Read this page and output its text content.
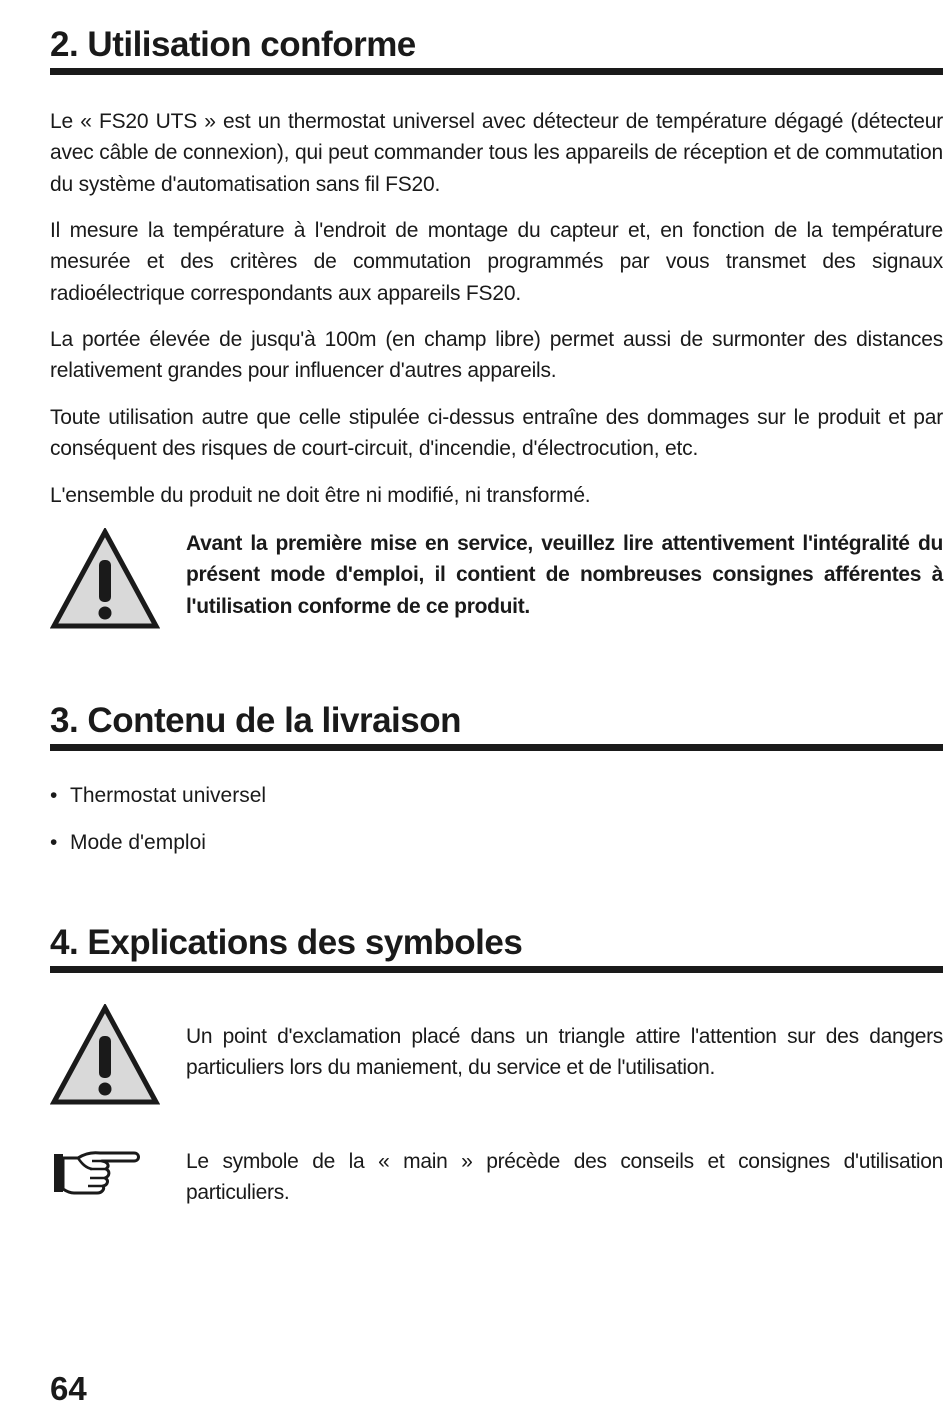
2. Utilisation conforme

Le « FS20 UTS » est un thermostat universel avec détecteur de température dégagé (détecteur avec câble de connexion), qui peut commander tous les appareils de réception et de commutation du système d'automatisation sans fil FS20.

Il mesure la température à l'endroit de montage du capteur et, en fonction de la température mesurée et des critères de commutation programmés par vous transmet des signaux radioélectrique correspondants aux appareils FS20.

La portée élevée de jusqu'à 100m (en champ libre) permet aussi de surmonter des distances relativement grandes pour influencer d'autres appareils.

Toute utilisation autre que celle stipulée ci-dessus entraîne des dommages sur le produit et par conséquent des risques de court-circuit, d'incendie, d'électrocution, etc.

L'ensemble du produit ne doit être ni modifié, ni transformé.

Avant la première mise en service, veuillez lire attentivement l'intégralité du présent mode d'emploi, il contient de nombreuses consignes afférentes à l'utilisation conforme de ce produit.

3. Contenu de la livraison
• Thermostat universel
• Mode d'emploi
4. Explications des symboles

Un point d'exclamation placé dans un triangle attire l'attention sur des dangers particuliers lors du maniement, du service et de l'utilisation.

Le symbole de la « main » précède des conseils et consignes d'utilisation particuliers.

64
